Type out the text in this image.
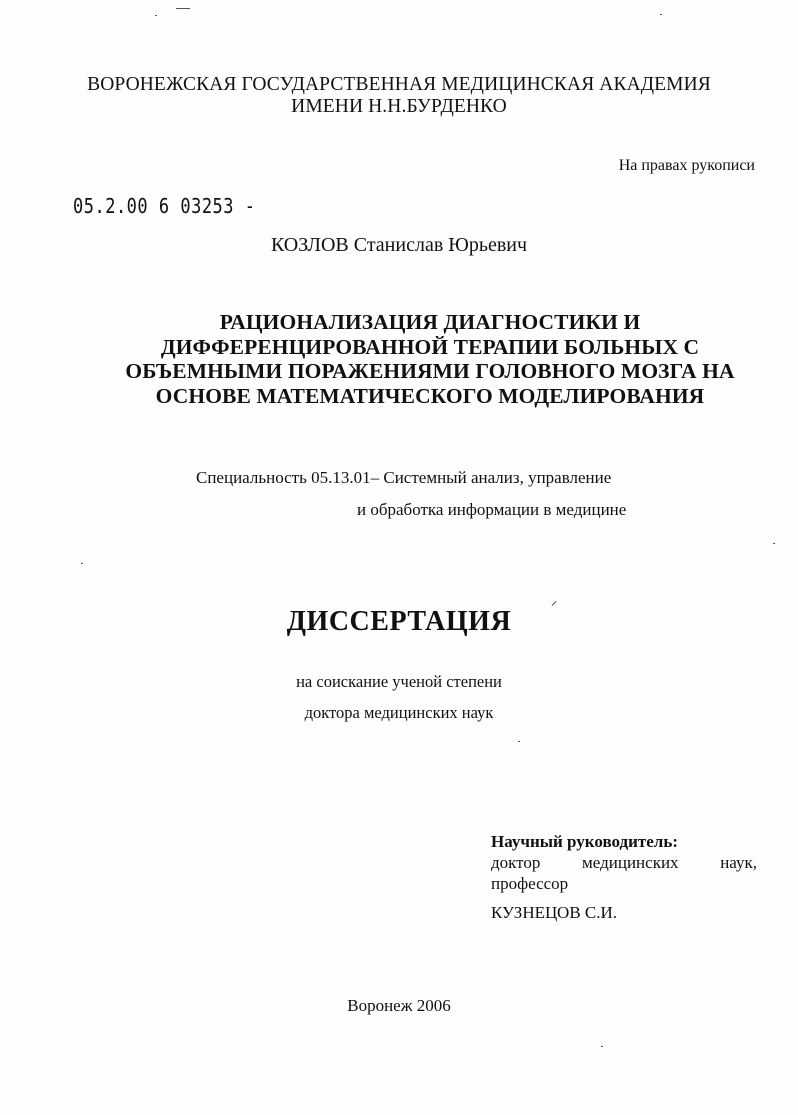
ВОРОНЕЖСКАЯ ГОСУДАРСТВЕННАЯ МЕДИЦИНСКАЯ АКАДЕМИЯ
ИМЕНИ Н.Н.БУРДЕНКО
На правах рукописи
05.2.00 6 03253 -
КОЗЛОВ Станислав Юрьевич
РАЦИОНАЛИЗАЦИЯ ДИАГНОСТИКИ И
ДИФФЕРЕНЦИРОВАННОЙ ТЕРАПИИ БОЛЬНЫХ С
ОБЪЕМНЫМИ ПОРАЖЕНИЯМИ ГОЛОВНОГО МОЗГА НА
ОСНОВЕ МАТЕМАТИЧЕСКОГО МОДЕЛИРОВАНИЯ
Специальность 05.13.01– Системный анализ, управление
и обработка информации в медицине
ДИССЕРТАЦИЯ
на соискание ученой степени
доктора медицинских наук
Научный руководитель:
доктор медицинских наук,
профессор
КУЗНЕЦОВ С.И.
Воронеж 2006
